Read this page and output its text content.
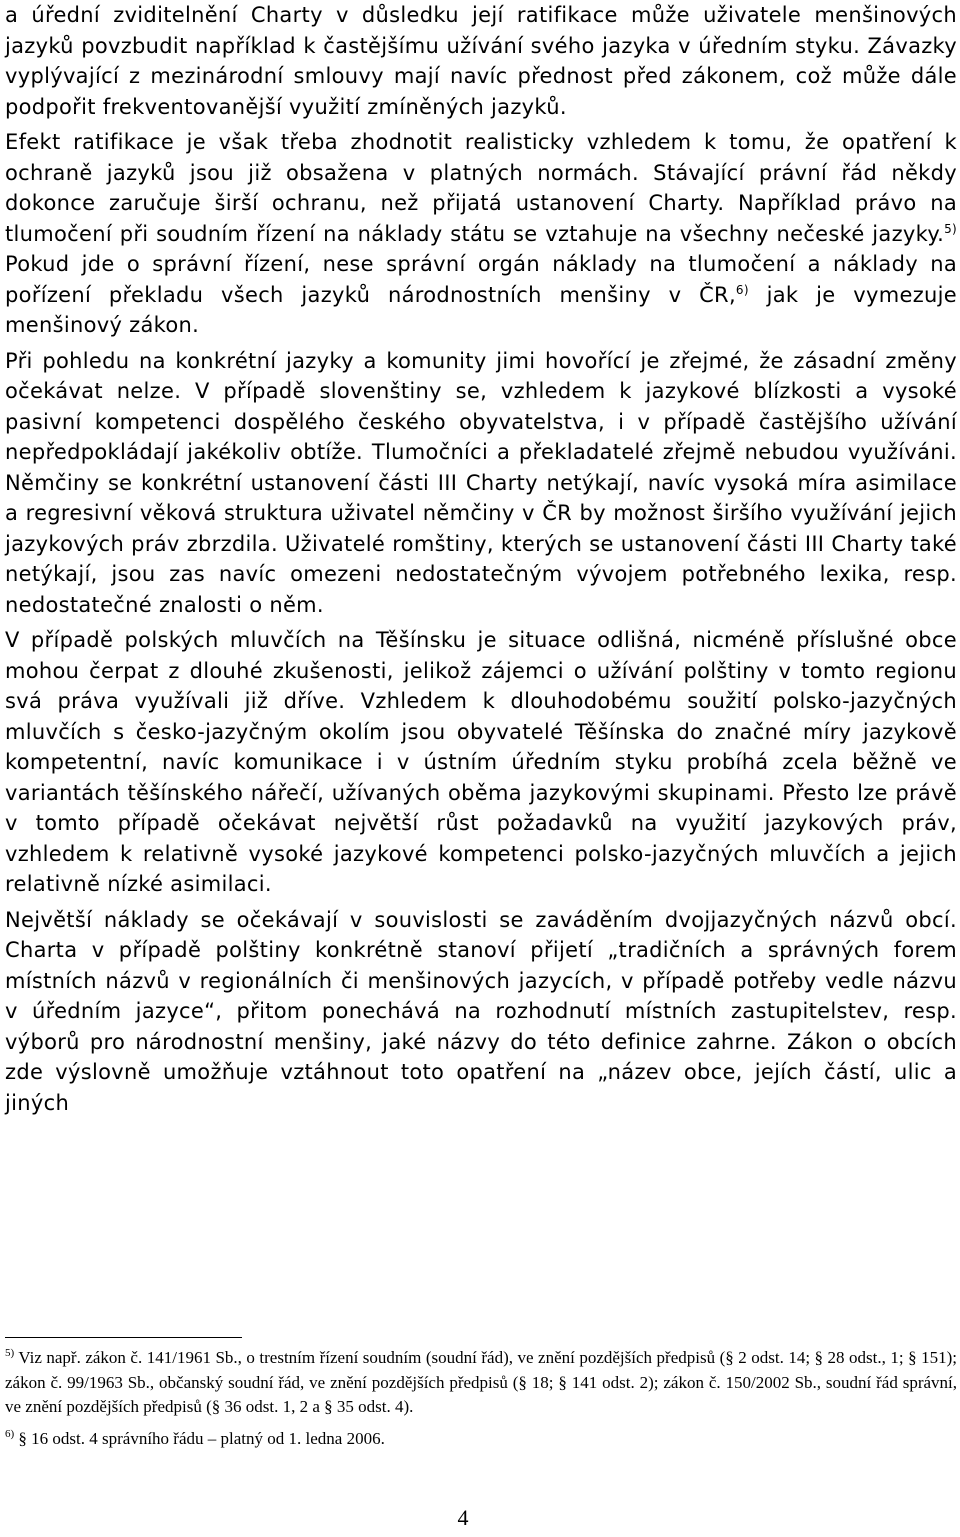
a úřední zviditelnění Charty v důsledku její ratifikace může uživatele menšinových jazyků povzbudit například k častějšímu užívání svého jazyka v úředním styku. Závazky vyplývající z mezinárodní smlouvy mají navíc přednost před zákonem, což může dále podpořit frekventovanější využití zmíněných jazyků.

Efekt ratifikace je však třeba zhodnotit realisticky vzhledem k tomu, že opatření k ochraně jazyků jsou již obsažena v platných normách. Stávající právní řád někdy dokonce zaručuje širší ochranu, než přijatá ustanovení Charty. Například právo na tlumočení při soudním řízení na náklady státu se vztahuje na všechny nečeské jazyky.$^{5)}$ Pokud jde o správní řízení, nese správní orgán náklady na tlumočení a náklady na pořízení překladu všech jazyků národnostních menšiny v ČR,$^{6)}$ jak je vymezuje menšinový zákon.

Při pohledu na konkrétní jazyky a komunity jimi hovořící je zřejmé, že zásadní změny očekávat nelze. V případě slovenštiny se, vzhledem k jazykové blízkosti a vysoké pasivní kompetenci dospělého českého obyvatelstva, i v případě častějšího užívání nepředpokládají jakékoliv obtíže. Tlumočníci a překladatelé zřejmě nebudou využíváni. Němčiny se konkrétní ustanovení části III Charty netýkají, navíc vysoká míra asimilace a regresivní věková struktura uživatel němčiny v ČR by možnost širšího využívání jejich jazykových práv zbrzdila. Uživatelé romštiny, kterých se ustanovení části III Charty také netýkají, jsou zas navíc omezeni nedostatečným vývojem potřebného lexika, resp. nedostatečné znalosti o něm.

V případě polských mluvčích na Těšínsku je situace odlišná, nicméně příslušné obce mohou čerpat z dlouhé zkušenosti, jelikož zájemci o užívání polštiny v tomto regionu svá práva využívali již dříve. Vzhledem k dlouhodobému soužití polsko-jazyčných mluvčích s česko-jazyčným okolím jsou obyvatelé Těšínska do značné míry jazykově kompetentní, navíc komunikace i v ústním úředním styku probíhá zcela běžně ve variantách těšínského nářečí, užívaných oběma jazykovými skupinami. Přesto lze právě v tomto případě očekávat největší růst požadavků na využití jazykových práv, vzhledem k relativně vysoké jazykové kompetenci polsko-jazyčných mluvčích a jejich relativně nízké asimilaci.

Největší náklady se očekávají v souvislosti se zaváděním dvojjazyčných názvů obcí. Charta v případě polštiny konkrétně stanoví přijetí „tradičních a správných forem místních názvů v regionálních či menšinových jazycích, v případě potřeby vedle názvu v úředním jazyce“, přitom ponechává na rozhodnutí místních zastupitelstev, resp. výborů pro národnostní menšiny, jaké názvy do této definice zahrne. Zákon o obcích zde výslovně umožňuje vztáhnout toto opatření na „název obce, jejích částí, ulic a jiných

$^{5)}$ Viz např. zákon č. 141/1961 Sb., o trestním řízení soudním (soudní řád), ve znění pozdějších předpisů (§ 2 odst. 14; § 28 odst., 1; § 151); zákon č. 99/1963 Sb., občanský soudní řád, ve znění pozdějších předpisů (§ 18; § 141 odst. 2); zákon č. 150/2002 Sb., soudní řád správní, ve znění pozdějších předpisů (§ 36 odst. 1, 2 a § 35 odst. 4).

$^{6)}$ § 16 odst. 4 správního řádu – platný od 1. ledna 2006.

4
